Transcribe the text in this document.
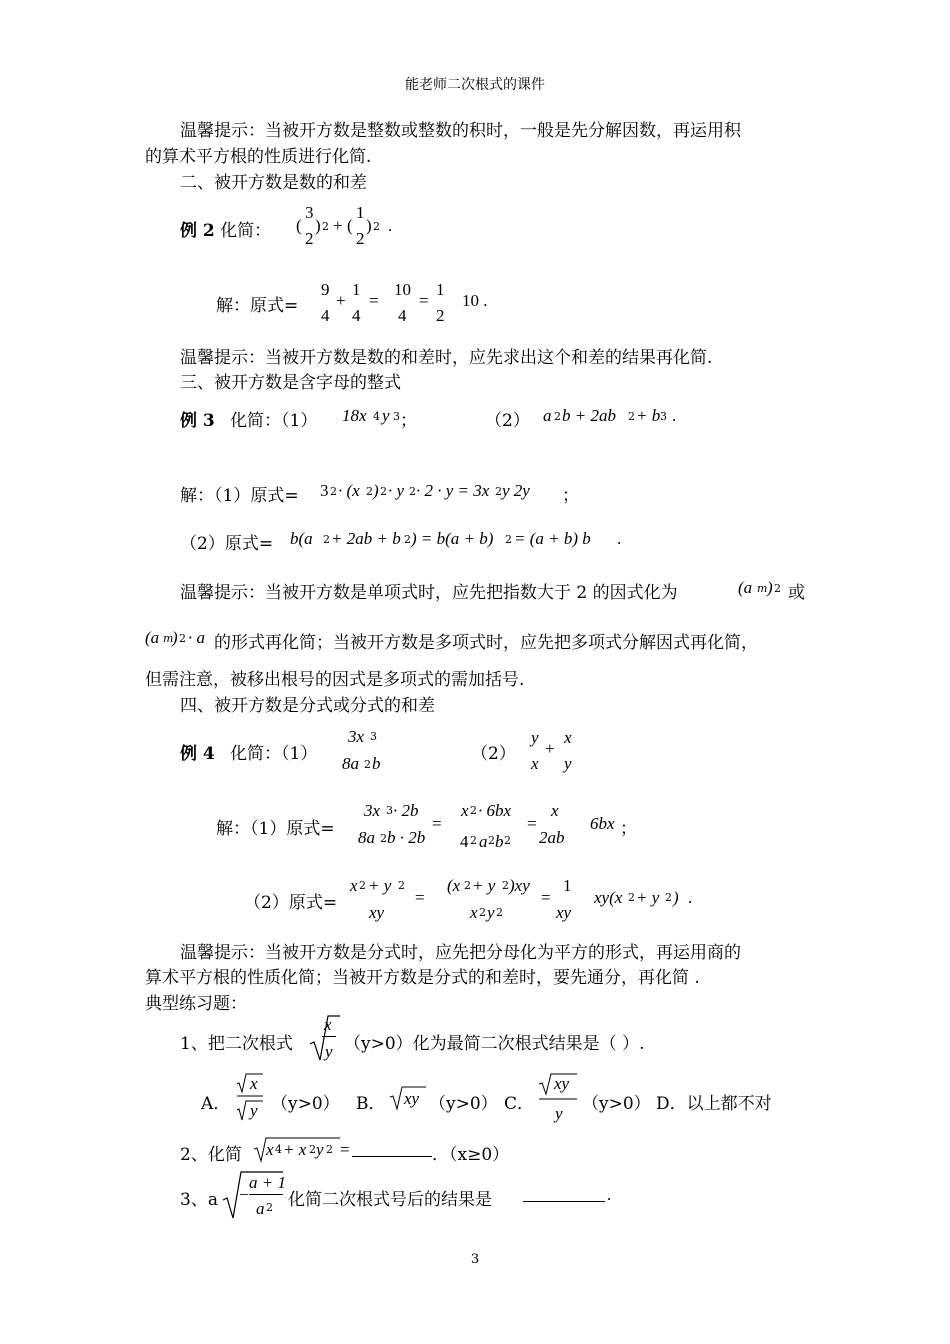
能老师二次根式的课件
温馨提示：当被开方数是整数或整数的积时，一般是先分解因数，再运用积
的算术平方根的性质进行化简.
二、被开方数是数的和差
例 2 化简： (
3
2
) 2 + (
1
2
) 2 .
解：原式=
9
4
+
1
4
=
10
4
=
1
2
10 .
温馨提示：当被开方数是数的和差时，应先求出这个和差的结果再化简.
三、被开方数是含字母的整式
例 3 化简：（1） 18x 4 y 3 ；	（2） a 2 b + 2ab 2 + b 3 .
解：（1）原式= 3 2 · (x 2 ) 2 · y 2 · 2 · y = 3x 2 y 2y ；
（2）原式= b(a 2 + 2ab + b 2 ) = b(a + b) 2 = (a + b) b .
温馨提示：当被开方数是单项式时，应先把指数大于 2 的因式化为	(a m ) 2 或
(a m
) 2 · a 的形式再化简；当被开方数是多项式时，应先把多项式分解因式再化简，
但需注意，被移出根号的因式是多项式的需加括号.
四、被开方数是分式或分式的和差
例 4 化简：（1）
3x 3
8a 2 b	（2）
y
x
+
x
y
解：（1）原式=
3x 3 · 2b
8a 2 b · 2b
=
x 2 · 6bx
4 2 a 2 b 2
=
x
2ab
6bx ；
（2）原式=
x 2 + y 2
xy
=
(x 2 + y 2 )xy
x 2 y 2
=
1
xy
xy(x 2 + y 2 ) .
温馨提示：当被开方数是分式时，应先把分母化为平方的形式，再运用商的
算术平方根的性质化简；当被开方数是分式的和差时，要先通分，再化简 .
典型练习题：
1、把二次根式
x
y （y>0）化为最简二次根式结果是（ ）.
A．
x
y （y>0） B． xy （y>0） C．
xy
y （y>0） D．以上都不对
2、化简 x 4 + x 2 y 2 =	．（x≥0）
3、a −
a + 1
a 2 化简二次根式号后的结果是	.
3
